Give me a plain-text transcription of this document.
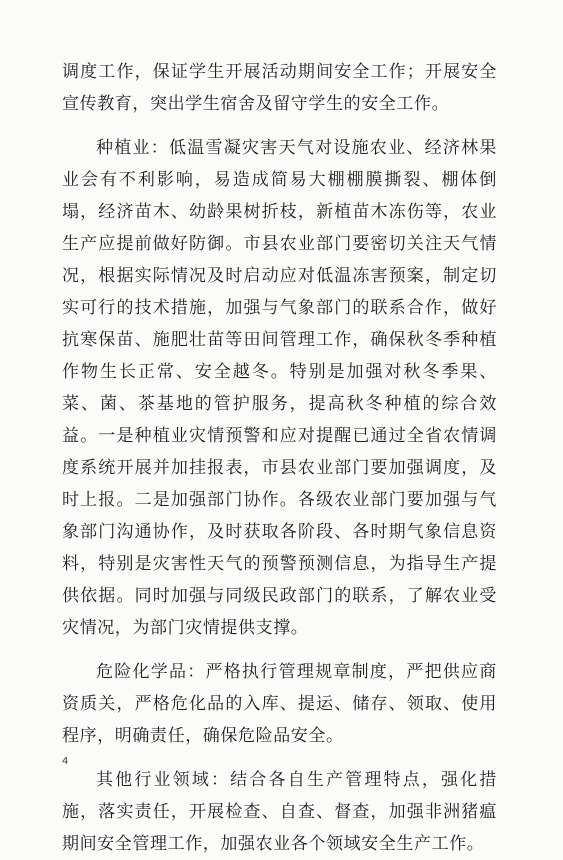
调度工作，保证学生开展活动期间安全工作；开展安全宣传教育，突出学生宿舍及留守学生的安全工作。

种植业：低温雪凝灾害天气对设施农业、经济林果业会有不利影响，易造成简易大棚棚膜撕裂、棚体倒塌，经济苗木、幼龄果树折枝，新植苗木冻伤等，农业生产应提前做好防御。市县农业部门要密切关注天气情况，根据实际情况及时启动应对低温冻害预案，制定切实可行的技术措施，加强与气象部门的联系合作，做好抗寒保苗、施肥壮苗等田间管理工作，确保秋冬季种植作物生长正常、安全越冬。特别是加强对秋冬季果、菜、菌、茶基地的管护服务，提高秋冬种植的综合效益。一是种植业灾情预警和应对提醒已通过全省农情调度系统开展并加挂报表，市县农业部门要加强调度，及时上报。二是加强部门协作。各级农业部门要加强与气象部门沟通协作，及时获取各阶段、各时期气象信息资料，特别是灾害性天气的预警预测信息，为指导生产提供依据。同时加强与同级民政部门的联系，了解农业受灾情况，为部门灾情提供支撑。

危险化学品：严格执行管理规章制度，严把供应商资质关，严格危化品的入库、提运、储存、领取、使用程序，明确责任，确保危险品安全。

其他行业领域：结合各自生产管理特点，强化措施，落实责任，开展检查、自查、督查，加强非洲猪瘟期间安全管理工作，加强农业各个领域安全生产工作。

4
